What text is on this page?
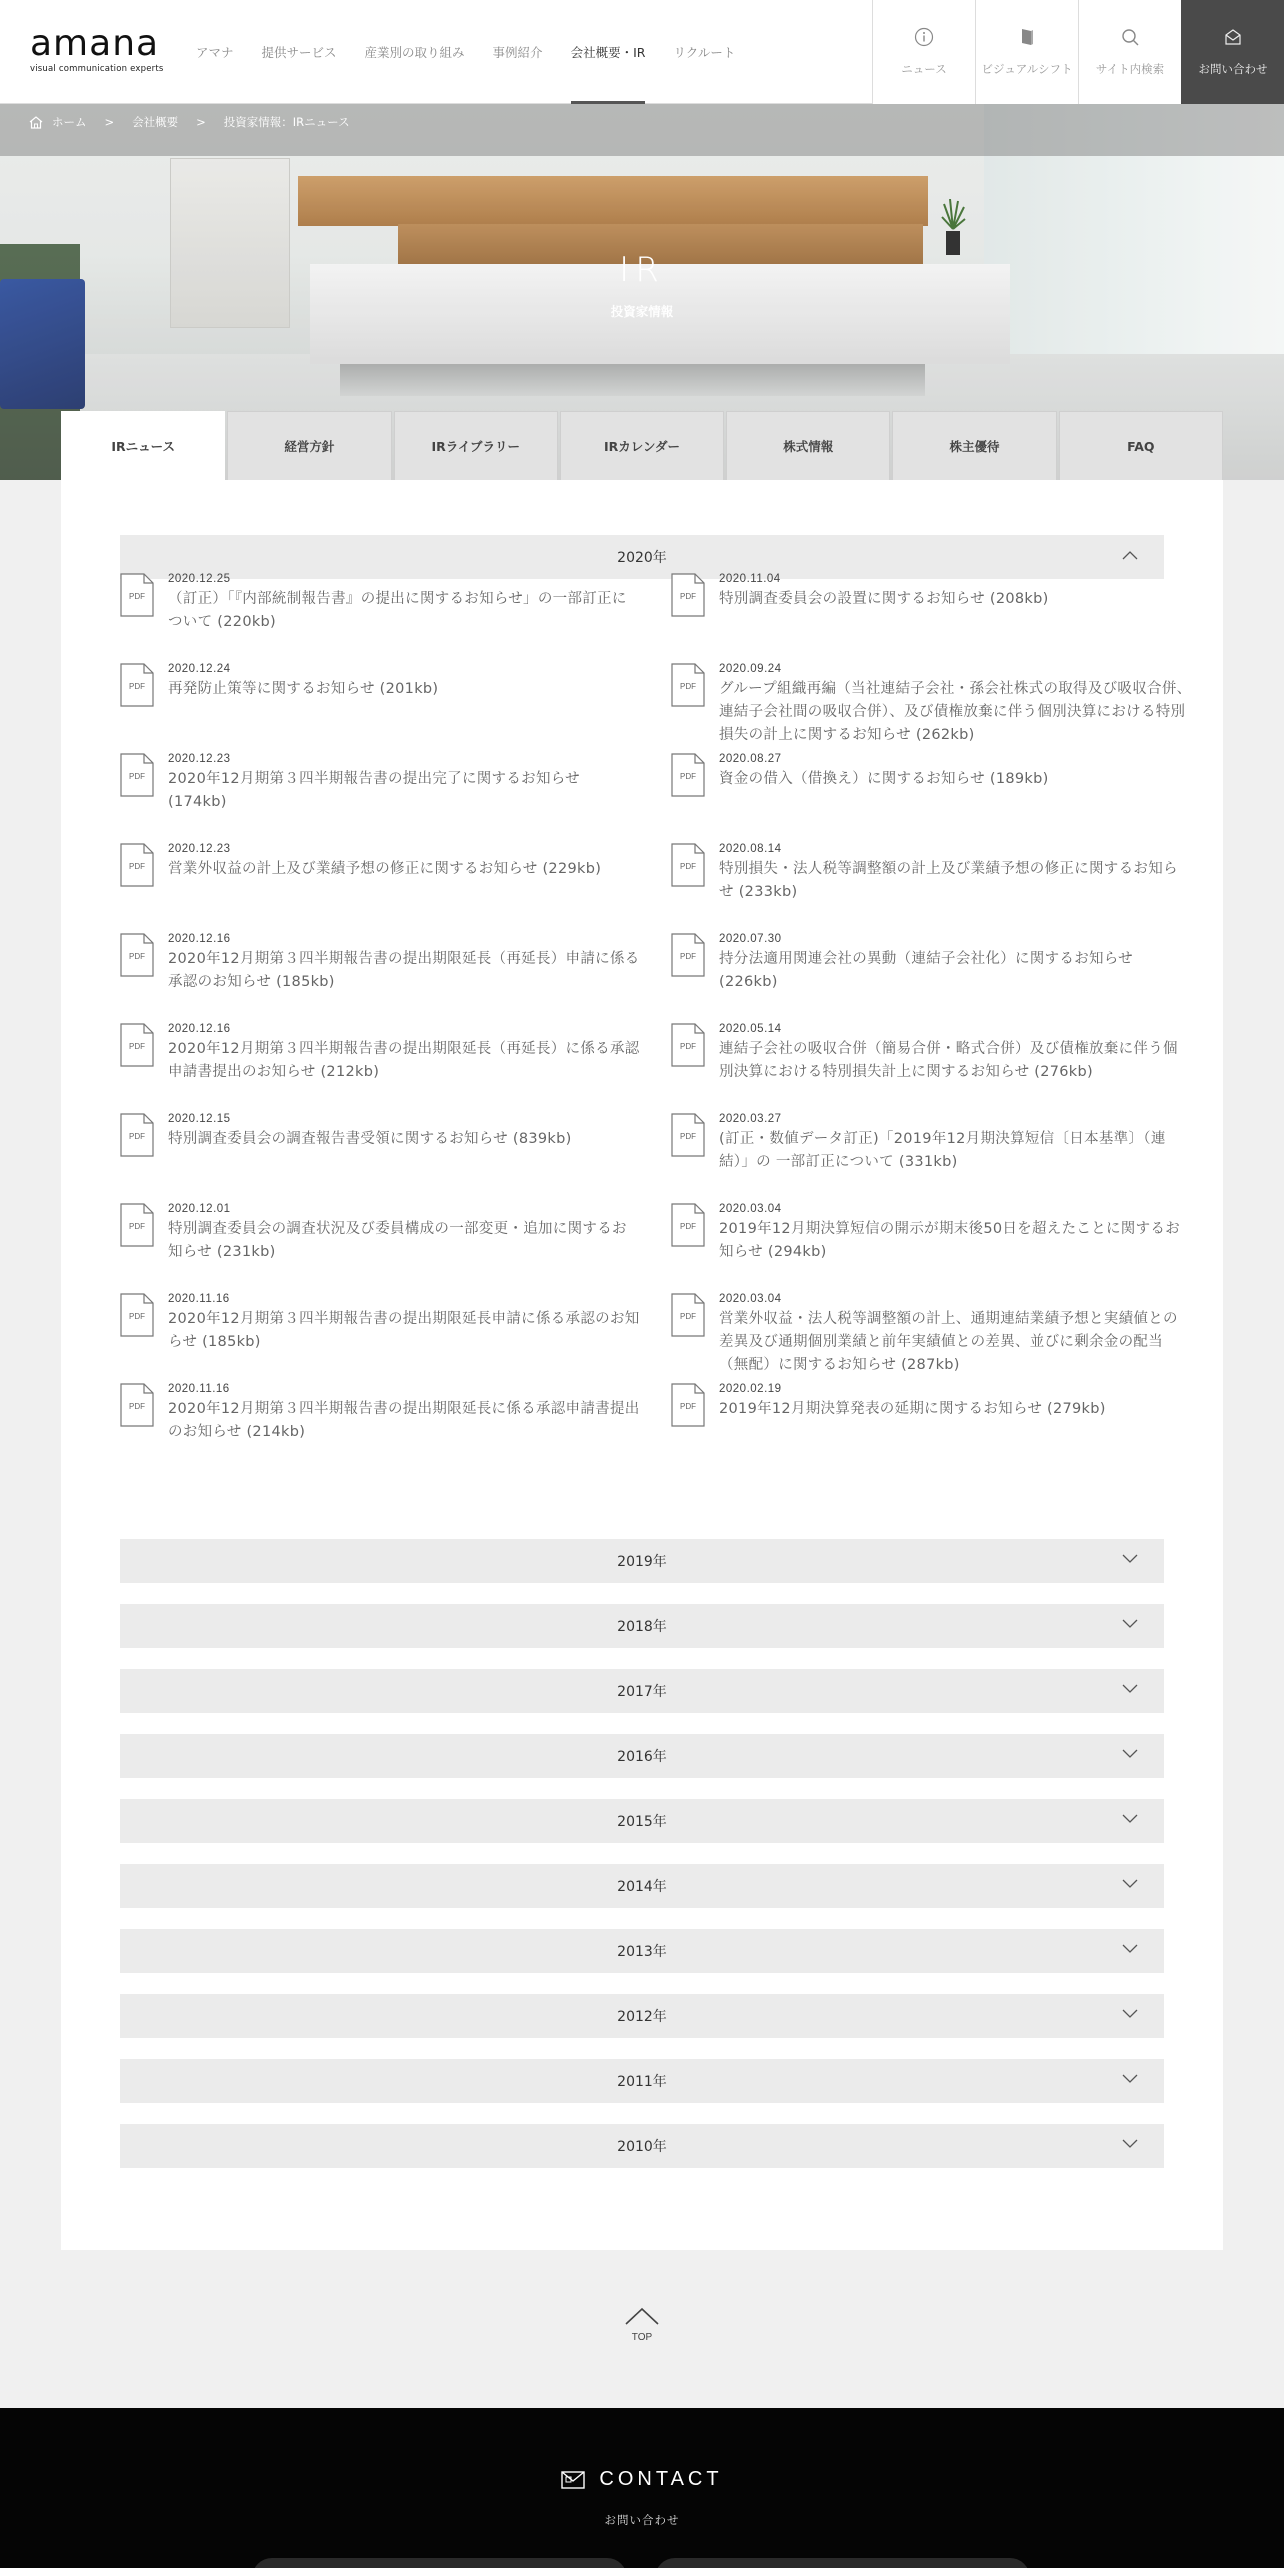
amana
visual communication experts
アマナ	提供サービス	産業別の取り組み	事例紹介	会社概要・IR	リクルート
ニュース	ビジュアルシフト サイト内検索	お問い合わせ
ホーム > 会社概要 > 投資家情報：IRニュース
IR
投資家情報
IRニュース	経営方針	IRライブラリー	IRカレンダー	株式情報	株主優待	FAQ
2020年
PDF
2020.12.25
（訂正）「『内部統制報告書』の提出に関するお知らせ」の一部訂正について (220kb)
PDF
2020.12.24
再発防止策等に関するお知らせ (201kb)
PDF
2020.12.23
2020年12月期第３四半期報告書の提出完了に関するお知らせ (174kb)
PDF
2020.12.23
営業外収益の計上及び業績予想の修正に関するお知らせ (229kb)
PDF
2020.12.16
2020年12月期第３四半期報告書の提出期限延長（再延長）申請に係る承認のお知らせ (185kb)
PDF
2020.12.16
2020年12月期第３四半期報告書の提出期限延長（再延長）に係る承認申請書提出のお知らせ (212kb)
PDF
2020.12.15
特別調査委員会の調査報告書受領に関するお知らせ (839kb)
PDF
2020.12.01
特別調査委員会の調査状況及び委員構成の一部変更・追加に関するお知らせ (231kb)
PDF
2020.11.16
2020年12月期第３四半期報告書の提出期限延長申請に係る承認のお知らせ (185kb)
PDF
2020.11.16
2020年12月期第３四半期報告書の提出期限延長に係る承認申請書提出のお知らせ (214kb)
PDF
2020.11.04
特別調査委員会の設置に関するお知らせ (208kb)
PDF
2020.09.24
グループ組織再編（当社連結子会社・孫会社株式の取得及び吸収合併、連結子会社間の吸収合併）、及び債権放棄に伴う個別決算における特別損失の計上に関するお知らせ (262kb)
PDF
2020.08.27
資金の借入（借換え）に関するお知らせ (189kb)
PDF
2020.08.14
特別損失・法人税等調整額の計上及び業績予想の修正に関するお知らせ (233kb)
PDF
2020.07.30
持分法適用関連会社の異動（連結子会社化）に関するお知らせ (226kb)
PDF
2020.05.14
連結子会社の吸収合併（簡易合併・略式合併）及び債権放棄に伴う個別決算における特別損失計上に関するお知らせ (276kb)
PDF
2020.03.27
(訂正・数値データ訂正)「2019年12月期決算短信〔日本基準〕（連結）」の 一部訂正について (331kb)
PDF
2020.03.04
2019年12月期決算短信の開示が期末後50日を超えたことに関するお知らせ (294kb)
PDF
2020.03.04
営業外収益・法人税等調整額の計上、通期連結業績予想と実績値との差異及び通期個別業績と前年実績値との差異、並びに剰余金の配当（無配）に関するお知らせ (287kb)
PDF
2020.02.19
2019年12月期決算発表の延期に関するお知らせ (279kb)
2019年
2018年
2017年
2016年
2015年
2014年
2013年
2012年
2011年
2010年
TOP
CONTACT
お問い合わせ
